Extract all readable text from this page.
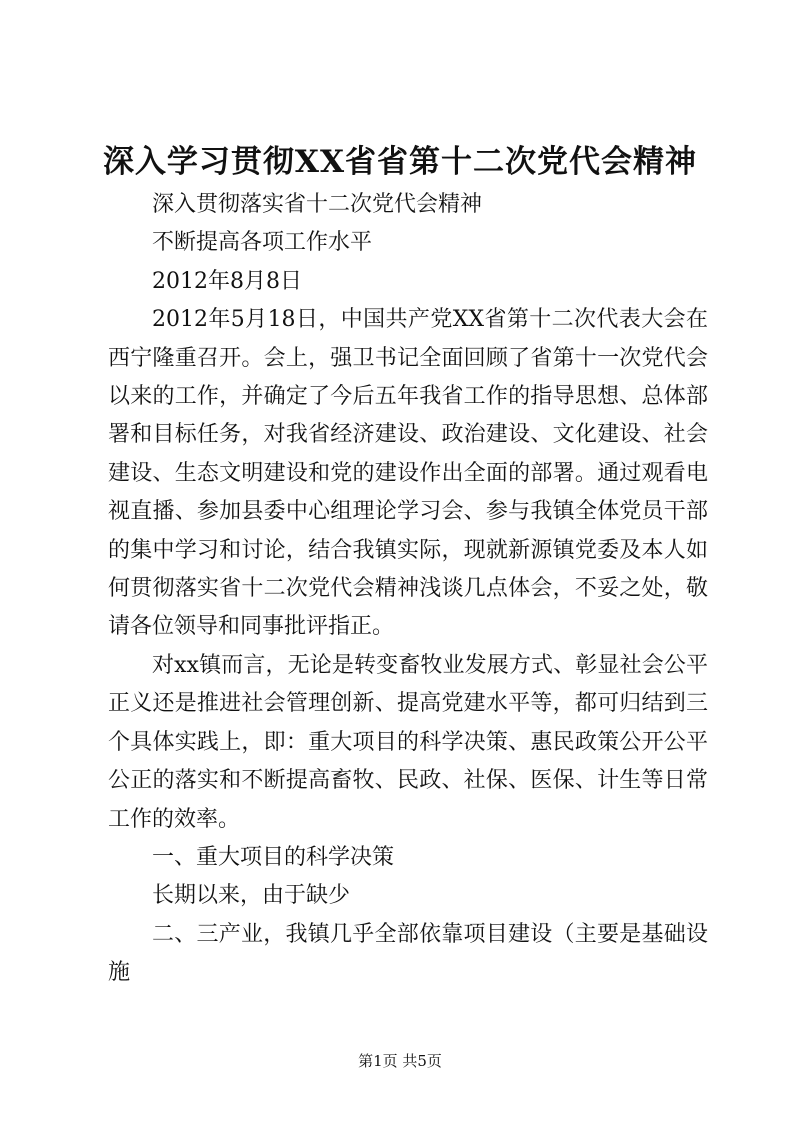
深入学习贯彻XX省省第十二次党代会精神

深入贯彻落实省十二次党代会精神

不断提高各项工作水平

2012年8月8日

2012年5月18日，中国共产党XX省第十二次代表大会在西宁隆重召开。会上，强卫书记全面回顾了省第十一次党代会以来的工作，并确定了今后五年我省工作的指导思想、总体部署和目标任务，对我省经济建设、政治建设、文化建设、社会建设、生态文明建设和党的建设作出全面的部署。通过观看电视直播、参加县委中心组理论学习会、参与我镇全体党员干部的集中学习和讨论，结合我镇实际，现就新源镇党委及本人如何贯彻落实省十二次党代会精神浅谈几点体会，不妥之处，敬请各位领导和同事批评指正。

对xx镇而言，无论是转变畜牧业发展方式、彰显社会公平正义还是推进社会管理创新、提高党建水平等，都可归结到三个具体实践上，即：重大项目的科学决策、惠民政策公开公平公正的落实和不断提高畜牧、民政、社保、医保、计生等日常工作的效率。

一、重大项目的科学决策

长期以来，由于缺少

二、三产业，我镇几乎全部依靠项目建设（主要是基础设施

第1页 共5页
